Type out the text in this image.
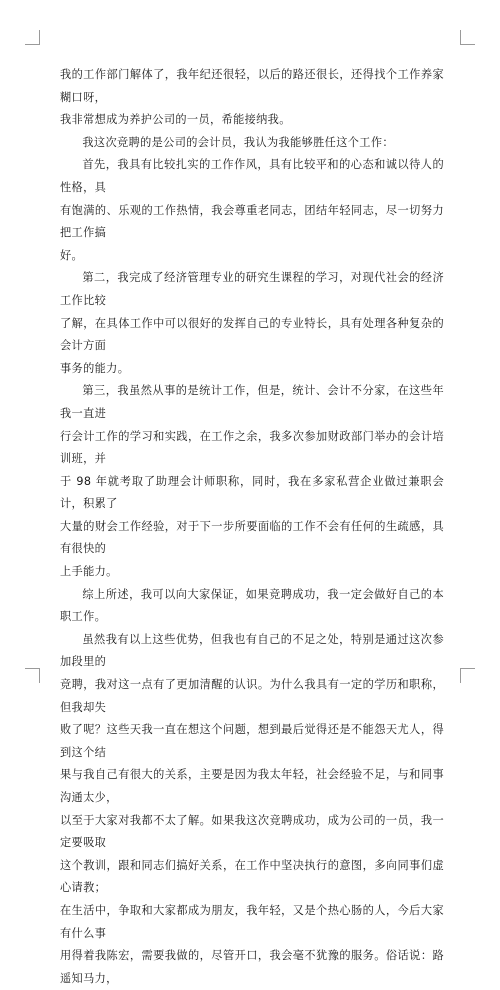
我的工作部门解体了，我年纪还很轻，以后的路还很长，还得找个工作养家糊口呀，
我非常想成为养护公司的一员，希能接纳我。

我这次竞聘的是公司的会计员，我认为我能够胜任这个工作：

首先，我具有比较扎实的工作作风，具有比较平和的心态和诚以待人的性格，具
有饱满的、乐观的工作热情，我会尊重老同志，团结年轻同志，尽一切努力把工作搞
好。

第二，我完成了经济管理专业的研究生课程的学习，对现代社会的经济工作比较
了解，在具体工作中可以很好的发挥自己的专业特长，具有处理各种复杂的会计方面
事务的能力。

第三，我虽然从事的是统计工作，但是，统计、会计不分家，在这些年我一直进
行会计工作的学习和实践，在工作之余，我多次参加财政部门举办的会计培训班，并
于 98 年就考取了助理会计师职称，同时，我在多家私营企业做过兼职会计，积累了
大量的财会工作经验，对于下一步所要面临的工作不会有任何的生疏感，具有很快的
上手能力。

综上所述，我可以向大家保证，如果竞聘成功，我一定会做好自己的本职工作。

虽然我有以上这些优势，但我也有自己的不足之处，特别是通过这次参加段里的
竞聘，我对这一点有了更加清醒的认识。为什么我具有一定的学历和职称，但我却失
败了呢？这些天我一直在想这个问题，想到最后觉得还是不能怨天尤人，得到这个结
果与我自己有很大的关系，主要是因为我太年轻，社会经验不足，与和同事沟通太少，
以至于大家对我都不太了解。如果我这次竞聘成功，成为公司的一员，我一定要吸取
这个教训，跟和同志们搞好关系，在工作中坚决执行的意图，多向同事们虚心请教；
在生活中，争取和大家都成为朋友，我年轻，又是个热心肠的人，今后大家有什么事
用得着我陈宏，需要我做的，尽管开口，我会毫不犹豫的服务。俗话说：路遥知马力，
